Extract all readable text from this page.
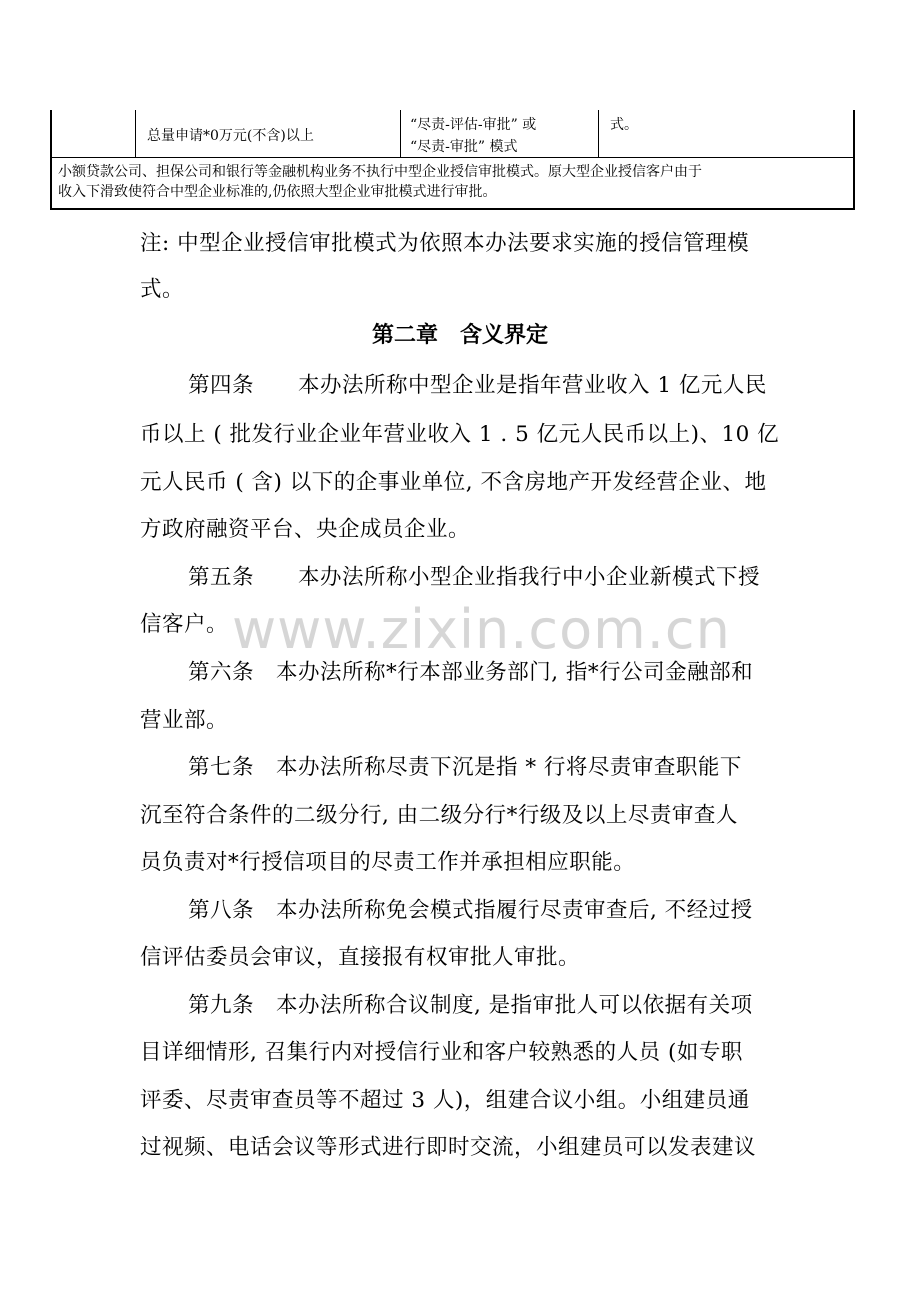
www.zixin.com.cn
总量申请*0万元(不含)以上
“尽责-评估-审批” 或
“尽责-审批” 模式
式。
小额贷款公司、担保公司和银行等金融机构业务不执行中型企业授信审批模式。原大型企业授信客户由于
收入下滑致使符合中型企业标准的,仍依照大型企业审批模式进行审批。
注: 中型企业授信审批模式为依照本办法要求实施的授信管理模
式。
第二章　含义界定
第四条　　本办法所称中型企业是指年营业收入 1 亿元人民
币以上 ( 批发行业企业年营业收入 1 . 5 亿元人民币以上)、10 亿
元人民币 ( 含) 以下的企事业单位, 不含房地产开发经营企业、地
方政府融资平台、央企成员企业。
第五条　　本办法所称小型企业指我行中小企业新模式下授
信客户。
第六条　本办法所称*行本部业务部门, 指*行公司金融部和
营业部。
第七条　本办法所称尽责下沉是指 * 行将尽责审查职能下
沉至符合条件的二级分行, 由二级分行*行级及以上尽责审查人
员负责对*行授信项目的尽责工作并承担相应职能。
第八条　本办法所称免会模式指履行尽责审查后, 不经过授
信评估委员会审议，直接报有权审批人审批。
第九条　本办法所称合议制度, 是指审批人可以依据有关项
目详细情形, 召集行内对授信行业和客户较熟悉的人员 (如专职
评委、尽责审查员等不超过 3 人)，组建合议小组。小组建员通
过视频、电话会议等形式进行即时交流，小组建员可以发表建议
